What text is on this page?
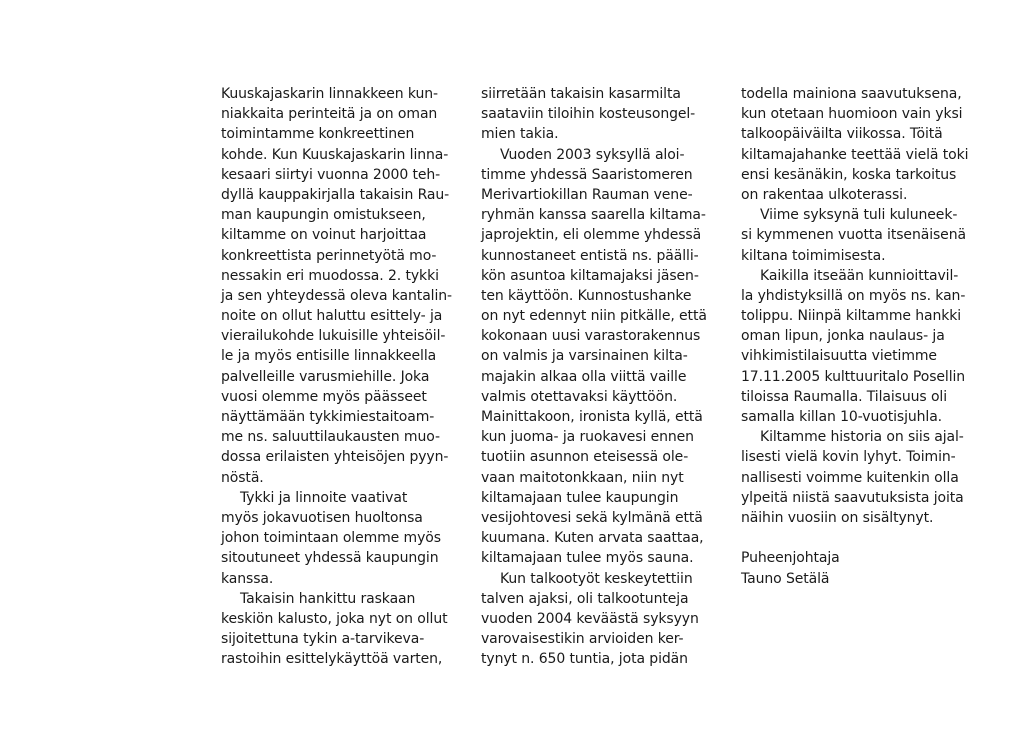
Kuuskajaskarin linnakkeen kun-
niakkaita perinteitä ja on oman
toimintamme konkreettinen
kohde. Kun Kuuskajaskarin linna-
kesaari siirtyi vuonna 2000 teh-
dyllä kauppakirjalla takaisin Rau-
man kaupungin omistukseen,
kiltamme on voinut harjoittaa
konkreettista perinnetyötä mo-
nessakin eri muodossa. 2. tykki
ja sen yhteydessä oleva kantalin-
noite on ollut haluttu esittely- ja
vierailukohde lukuisille yhteisöil-
le ja myös entisille linnakkeella
palvelleille varusmiehille. Joka
vuosi olemme myös päässeet
näyttämään tykkimiestaitoam-
me ns. saluuttilaukausten muo-
dossa erilaisten yhteisöjen pyyn-
nöstä.
Tykki ja linnoite vaativat
myös jokavuotisen huoltonsa
johon toimintaan olemme myös
sitoutuneet yhdessä kaupungin
kanssa.
Takaisin hankittu raskaan
keskiön kalusto, joka nyt on ollut
sijoitettuna tykin a-tarvikeva-
rastoihin esittelykäyttöä varten,
siirretään takaisin kasarmilta
saataviin tiloihin kosteusongel-
mien takia.
Vuoden 2003 syksyllä aloi-
timme yhdessä Saaristomeren
Merivartiokillan Rauman vene-
ryhmän kanssa saarella kiltama-
japrojektin, eli olemme yhdessä
kunnostaneet entistä ns. päälli-
kön asuntoa kiltamajaksi jäsen-
ten käyttöön. Kunnostushanke
on nyt edennyt niin pitkälle, että
kokonaan uusi varastorakennus
on valmis ja varsinainen kilta-
majakin alkaa olla viittä vaille
valmis otettavaksi käyttöön.
Mainittakoon, ironista kyllä, että
kun juoma- ja ruokavesi ennen
tuotiin asunnon eteisessä ole-
vaan maitotonkkaan, niin nyt
kiltamajaan tulee kaupungin
vesijohtovesi sekä kylmänä että
kuumana. Kuten arvata saattaa,
kiltamajaan tulee myös sauna.
Kun talkootyöt keskeytettiin
talven ajaksi, oli talkootunteja
vuoden 2004 keväästä syksyyn
varovaisestikin arvioiden ker-
tynyt n. 650 tuntia, jota pidän
todella mainiona saavutuksena,
kun otetaan huomioon vain yksi
talkoopäiväilta viikossa. Töitä
kiltamajahanke teettää vielä toki
ensi kesänäkin, koska tarkoitus
on rakentaa ulkoterassi.
Viime syksynä tuli kuluneek-
si kymmenen vuotta itsenäisenä
kiltana toimimisesta.
Kaikilla itseään kunnioittavil-
la yhdistyksillä on myös ns. kan-
tolippu. Niinpä kiltamme hankki
oman lipun, jonka naulaus- ja
vihkimistilaisuutta vietimme
17.11.2005 kulttuuritalo Posellin
tiloissa Raumalla. Tilaisuus oli
samalla killan 10-vuotisjuhla.
Kiltamme historia on siis ajal-
lisesti vielä kovin lyhyt. Toimin-
nallisesti voimme kuitenkin olla
ylpeitä niistä saavutuksista joita
näihin vuosiin on sisältynyt.
Puheenjohtaja
Tauno Setälä
